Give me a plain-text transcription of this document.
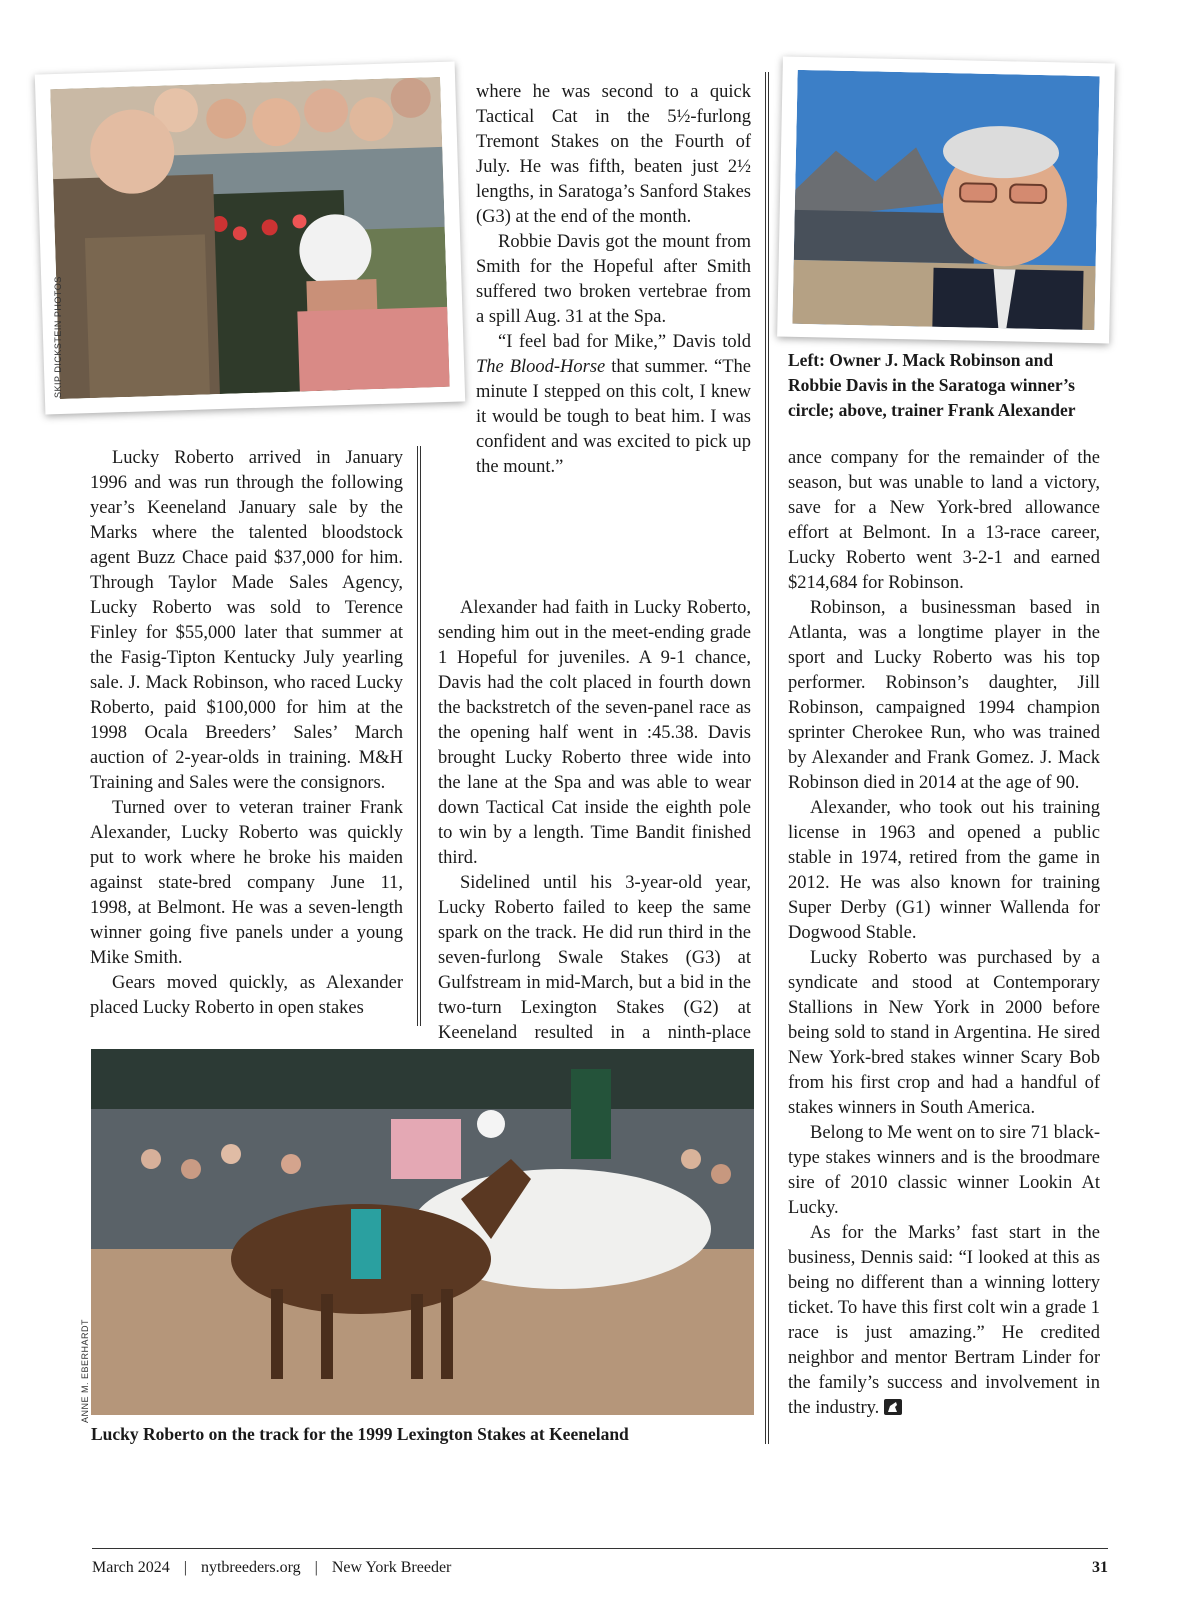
SKIP DICKSTEIN PHOTOS	Left: Owner J. Mack Robinson and Robbie Davis in the Saratoga winner’s circle; above, trainer Frank Alexander

Lucky Roberto arrived in January 1996 and was run through the following year’s Keeneland January sale by the Marks where the talented bloodstock agent Buzz Chace paid $37,000 for him. Through Taylor Made Sales Agency, Lucky Roberto was sold to Terence Finley for $55,000 later that summer at the Fasig-Tipton Kentucky July yearling sale. J. Mack Robinson, who raced Lucky Roberto, paid $100,000 for him at the 1998 Ocala Breeders’ Sales’ March auction of 2-year-olds in training. M&H Training and Sales were the consignors.

Turned over to veteran trainer Frank Alexander, Lucky Roberto was quickly put to work where he broke his maiden against state-bred company June 11, 1998, at Belmont. He was a seven-length winner going five panels under a young Mike Smith.

Gears moved quickly, as Alexander placed Lucky Roberto in open stakes

where he was second to a quick Tactical Cat in the 5½-furlong Tremont Stakes on the Fourth of July. He was fifth, beaten just 2½ lengths, in Saratoga’s Sanford Stakes (G3) at the end of the month.

Robbie Davis got the mount from Smith for the Hopeful after Smith suffered two broken vertebrae from a spill Aug. 31 at the Spa.

“I feel bad for Mike,” Davis told The Blood-Horse that summer. “The minute I stepped on this colt, I knew it would be tough to beat him. I was confident and was excited to pick up the mount.”

Alexander had faith in Lucky Roberto, sending him out in the meet-ending grade 1 Hopeful for juveniles. A 9-1 chance, Davis had the colt placed in fourth down the backstretch of the seven-panel race as the opening half went in :45.38. Davis brought Lucky Roberto three wide into the lane at the Spa and was able to wear down Tactical Cat inside the eighth pole to win by a length. Time Bandit finished third.

Sidelined until his 3-year-old year, Lucky Roberto failed to keep the same spark on the track. He did run third in the seven-furlong Swale Stakes (G3) at Gulfstream in mid-March, but a bid in the two-turn Lexington Stakes (G2) at Keeneland resulted in a ninth-place

ance company for the remainder of the season, but was unable to land a victory, save for a New York-bred allowance effort at Belmont. In a 13-race career, Lucky Roberto went 3-2-1 and earned $214,684 for Robinson.

Robinson, a businessman based in Atlanta, was a longtime player in the sport and Lucky Roberto was his top performer. Robinson’s daughter, Jill Robinson, campaigned 1994 champion sprinter Cherokee Run, who was trained by Alexander and Frank Gomez. J. Mack Robinson died in 2014 at the age of 90.

Alexander, who took out his training license in 1963 and opened a public stable in 1974, retired from the game in 2012. He was also known for training Super Derby (G1) winner Wallenda for Dogwood Stable.

Lucky Roberto was purchased by a syndicate and stood at Contemporary Stallions in New York in 2000 before being sold to stand in Argentina. He sired New York-bred stakes winner Scary Bob from his first crop and had a handful of stakes winners in South America.

Belong to Me went on to sire 71 black-type stakes winners and is the broodmare sire of 2010 classic winner Lookin At Lucky.

As for the Marks’ fast start in the business, Dennis said: “I looked at this as being no different than a winning lottery ticket. To have this first colt win a grade 1 race is just amazing.” He credited neighbor and mentor Bertram Linder for the family’s success and involvement in the industry.

ANNE M. EBERHARDT
Lucky Roberto on the track for the 1999 Lexington Stakes at Keeneland
March 2024 | nytbreeders.org | New York Breeder	31
